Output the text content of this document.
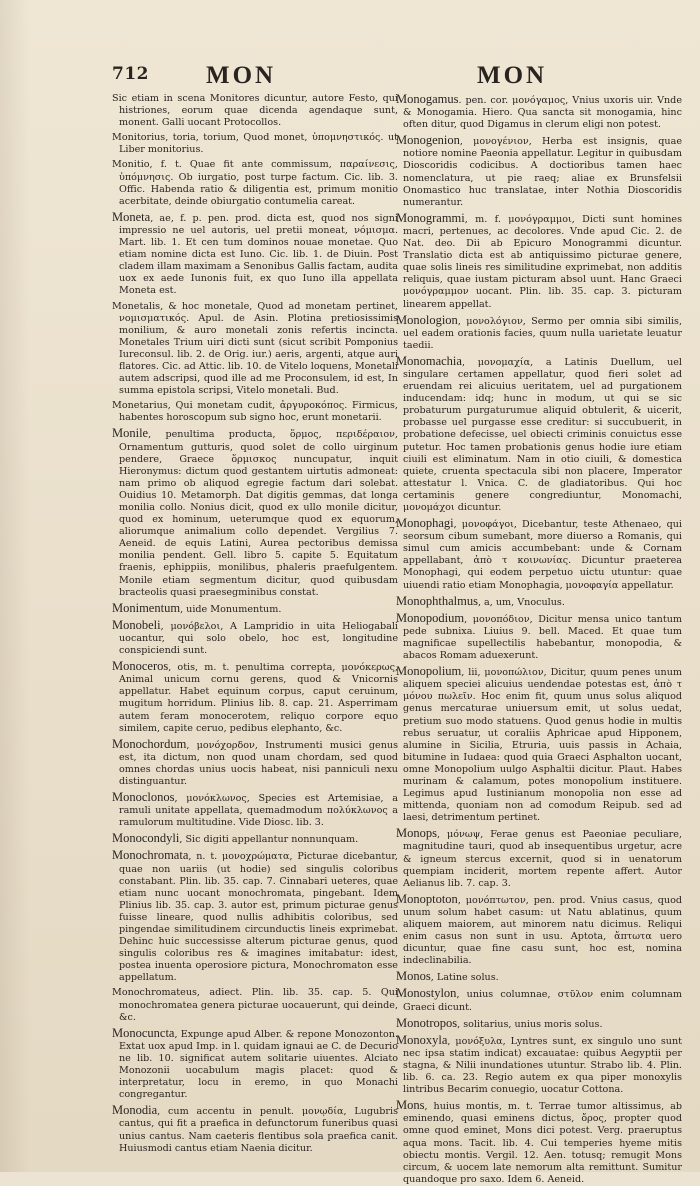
712 MON	MON

Sic etiam in scena Monitores dicuntur, autore Festo, qui histriones, eorum quae dicenda agendaque sunt, monent. Galli uocant Protocollos.

Monitorius, toria, torium, Quod monet, ὑπομνηστικός. ut Liber monitorius.

Monitio, f. t. Quae fit ante commissum, παραίνεσις, ὑπόμνησις. Ob iurgatio, post turpe factum. Cic. lib. 3. Offic. Habenda ratio & diligentia est, primum monitio acerbitate, deinde obiurgatio contumelia careat.

Moneta, ae, f. p. pen. prod. dicta est, quod nos signi impressio ne uel autoris, uel pretii moneat, νόμισμα. Mart. lib. 1. Et cen tum dominos nouae monetae. Quo etiam nomine dicta est Iuno. Cic. lib. 1. de Diuin. Post cladem illam maximam a Senonibus Gallis factam, audita uox ex aede Iunonis fuit, ex quo Iuno illa appellata Moneta est.

Monetalis, & hoc monetale, Quod ad monetam pertinet, νομισματικός. Apul. de Asin. Plotina pretiosissimis monilium, & auro monetali zonis refertis incincta. Monetales Trium uiri dicti sunt (sicut scribit Pomponius Iureconsul. lib. 2. de Orig. iur.) aeris, argenti, atque auri flatores. Cic. ad Attic. lib. 10. de Vitelo loquens, Monetali autem adscripsi, quod ille ad me Proconsulem, id est, In summa epistola scripsi, Vitelo monetali. Bud.

Monetarius, Qui monetam cudit, ἀργυροκόπος. Firmicus, habentes horoscopum sub signo hoc, erunt monetarii.

Monile, penultima producta, ὅρμος, περιδέραιον, Ornamentum gutturis, quod solet de collo uirginum pendere, Graece ὅρμισκος nuncupatur, inquit Hieronymus: dictum quod gestantem uirtutis admoneat: nam primo ob aliquod egregie factum dari solebat. Ouidius 10. Metamorph. Dat digitis gemmas, dat longa monilia collo. Nonius dicit, quod ex ullo monile dicitur, quod ex hominum, ueterumque quod ex equorum, aliorumque animalium collo dependet. Vergilius 7. Aeneid. de equis Latini, Aurea pectoribus demissa monilia pendent. Gell. libro 5. capite 5. Equitatum fraenis, ephippiis, monilibus, phaleris praefulgentem. Monile etiam segmentum dicitur, quod quibusdam bracteolis quasi praesegminibus constat.

Monimentum, uide Monumentum.

Monobeli, μονόβελοι, A Lampridio in uita Heliogabali uocantur, qui solo obelo, hoc est, longitudine conspiciendi sunt.

Monoceros, otis, m. t. penultima correpta, μονόκερως, Animal unicum cornu gerens, quod & Vnicornis appellatur. Habet equinum corpus, caput ceruinum, mugitum horridum. Plinius lib. 8. cap. 21. Asperrimam autem feram monocerotem, reliquo corpore equo similem, capite ceruo, pedibus elephanto, &c.

Monochordum, μονόχορδον, Instrumenti musici genus est, ita dictum, non quod unam chordam, sed quod omnes chordas unius uocis habeat, nisi panniculi nexu distinguantur.

Monoclonos, μονόκλωνος, Species est Artemisiae, a ramuli unitate appellata, quemadmodum πολύκλωνος a ramulorum multitudine. Vide Diosc. lib. 3.

Monocondyli, Sic digiti appellantur nonnunquam.

Monochromata, n. t. μονοχρώματα, Picturae dicebantur, quae non uariis (ut hodie) sed singulis coloribus constabant. Plin. lib. 35. cap. 7. Cinnabari ueteres, quae etiam nunc uocant monochromata, pingebant. Idem Plinius lib. 35. cap. 3. autor est, primum picturae genus fuisse lineare, quod nullis adhibitis coloribus, sed pingendae similitudinem circunductis lineis exprimebat. Dehinc huic successisse alterum picturae genus, quod singulis coloribus res & imagines imitabatur: idest, postea inuenta operosiore pictura, Monochromaton esse appellatum.

Monochromateus, adiect. Plin. lib. 35. cap. 5. Qui monochromatea genera picturae uocauerunt, qui deinde, &c.

Monocuncta, Expunge apud Alber. & repone Monozonton. Extat uox apud Imp. in l. quidam ignaui ae C. de Decurio ne lib. 10. significat autem solitarie uiuentes. Alciato Monozonii uocabulum magis placet: quod & interpretatur, locu in eremo, in quo Monachi congregantur.

Monodia, cum accentu in penult. μονῳδία, Lugubris cantus, qui fit a praefica in defunctorum funeribus quasi unius cantus. Nam caeteris flentibus sola praefica canit. Huiusmodi cantus etiam Naenia dicitur.

Monogamus. pen. cor. μονόγαμος, Vnius uxoris uir. Vnde & Monogamia. Hiero. Qua sancta sit monogamia, hinc often ditur, quod Digamus in clerum eligi non potest.

Monogenion, μονογένιον, Herba est insignis, quae notiore nomine Paeonia appellatur. Legitur in quibusdam Dioscoridis codicibus. A doctioribus tamen haec nomenclatura, ut pie raeq; aliae ex Brunsfelsii Onomastico huc translatae, inter Nothia Dioscoridis numerantur.

Monogrammi, m. f. μονόγραμμοι, Dicti sunt homines macri, pertenues, ac decolores. Vnde apud Cic. 2. de Nat. deo. Dii ab Epicuro Monogrammi dicuntur. Translatio dicta est ab antiquissimo picturae genere, quae solis lineis res similitudine exprimebat, non additis reliquis, quae iustam picturam absol uunt. Hanc Graeci μονόγραμμον uocant. Plin. lib. 35. cap. 3. picturam linearem appellat.

Monologion, μονολόγιον, Sermo per omnia sibi similis, uel eadem orationis facies, quum nulla uarietate leuatur taedii.

Monomachia, μονομαχία, a Latinis Duellum, uel singulare certamen appellatur, quod fieri solet ad eruendam rei alicuius ueritatem, uel ad purgationem inducendam: idq; hunc in modum, ut qui se sic probaturum purgaturumue aliquid obtulerit, & uicerit, probasse uel purgasse esse creditur: si succubuerit, in probatione defecisse, uel obiecti criminis conuictus esse putetur. Hoc tamen probationis genus hodie iure etiam ciuili est eliminatum. Nam in otio ciuili, & domestica quiete, cruenta spectacula sibi non placere, Imperator attestatur l. Vnica. C. de gladiatoribus. Qui hoc certaminis genere congrediuntur, Monomachi, μονομάχοι dicuntur.

Monophagi, μονοφάγοι, Dicebantur, teste Athenaeo, qui seorsum cibum sumebant, more diuerso a Romanis, qui simul cum amicis accumbebant: unde & Cornam appellabant, ἀπὸ τ κοινωνίας. Dicuntur praeterea Monophagi, qui eodem perpetuo uictu utuntur: quae uiuendi ratio etiam Monophagia, μονοφαγία appellatur.

Monophthalmus, a, um, Vnoculus.

Monopodium, μονοπόδιον, Dicitur mensa unico tantum pede subnixa. Liuius 9. bell. Maced. Et quae tum magnificae supellectilis habebantur, monopodia, & abacos Romam aduexerunt.

Monopolium, lii, μονοπώλιον, Dicitur, quum penes unum aliquem speciei alicuius uendendae potestas est, ἀπὸ τ μόνου πωλεῖν. Hoc enim fit, quum unus solus aliquod genus mercaturae uniuersum emit, ut solus uedat, pretium suo modo statuens. Quod genus hodie in multis rebus seruatur, ut coraliis Aphricae apud Hipponem, alumine in Sicilia, Etruria, uuis passis in Achaia, bitumine in Iudaea: quod quia Graeci Asphalton uocant, omne Monopolium uulgo Asphaltii dicitur. Plaut. Habes murinam & calamum, potes monopolium instituere. Legimus apud Iustinianum monopolia non esse ad mittenda, quoniam non ad comodum Reipub. sed ad laesi, detrimentum pertinet.

Monops, μόνωψ, Ferae genus est Paeoniae peculiare, magnitudine tauri, quod ab insequentibus urgetur, acre & igneum stercus excernit, quod si in uenatorum quempiam inciderit, mortem repente affert. Autor Aelianus lib. 7. cap. 3.

Monoptoton, μονόπτωτον, pen. prod. Vnius casus, quod unum solum habet casum: ut Natu ablatinus, quum aliquem maiorem, aut minorem natu dicimus. Reliqui enim casus non sunt in usu. Aptota, ἄπτωτα uero dicuntur, quae fine casu sunt, hoc est, nomina indeclinabilia.

Monos, Latine solus.

Monostylon, unius columnae, στῦλον enim columnam Graeci dicunt.

Monotropos, solitarius, unius moris solus.

Monoxyla, μονόξυλα, Lyntres sunt, ex singulo uno sunt nec ipsa statim indicat) excauatae: quibus Aegyptii per stagna, & Nilii inundationes utuntur. Strabo lib. 4. Plin. lib. 6. ca. 23. Regio autem ex qua piper monoxylis lintribus Becarim conuegio, uocatur Cottona.

Mons, huius montis, m. t. Terrae tumor altissimus, ab eminendo, quasi eminens dictus, ὄρος, propter quod omne quod eminet, Mons dici potest. Verg. praeruptus aqua mons. Tacit. lib. 4. Cui temperies hyeme mitis obiectu montis. Vergil. 12. Aen. totusq; remugit Mons circum, & uocem late nemorum alta remittunt. Sumitur quandoque pro saxo. Idem 6. Aeneid.
